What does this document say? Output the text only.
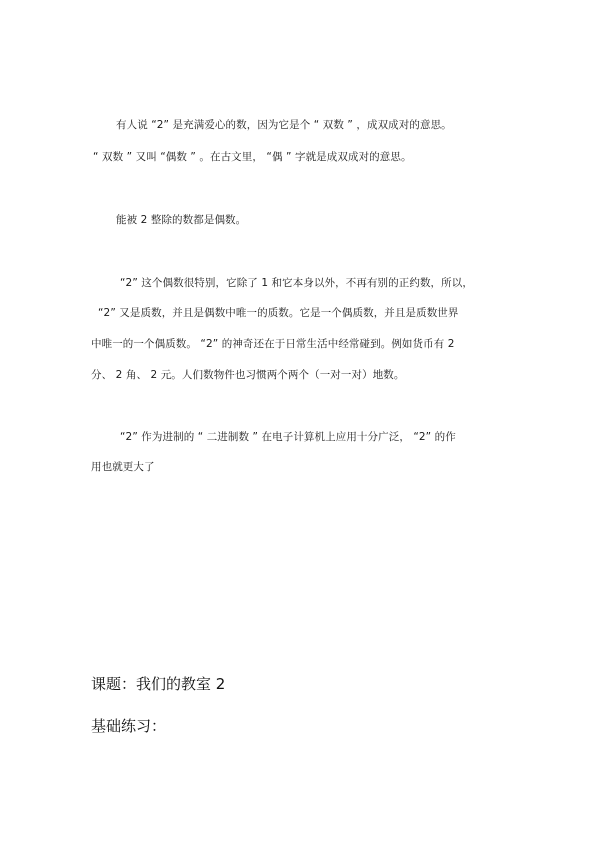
有人说 “2” 是充满爱心的数，因为它是个 “ 双数 ” ，成双成对的意思。
“ 双数 ” 又叫 “偶数 ” 。在古文里， “偶 ” 字就是成双成对的意思。
能被 2 整除的数都是偶数。
“2” 这个偶数很特别，它除了 1 和它本身以外，不再有别的正约数，所以，
“2” 又是质数，并且是偶数中唯一的质数。它是一个偶质数，并且是质数世界
中唯一的一个偶质数。 “2” 的神奇还在于日常生活中经常碰到。例如货币有 2
分、 2 角、 2 元。人们数物件也习惯两个两个（一对一对）地数。
“2” 作为进制的 “ 二进制数 ” 在电子计算机上应用十分广泛， “2” 的作
用也就更大了
课题：我们的教室 2
基础练习：
